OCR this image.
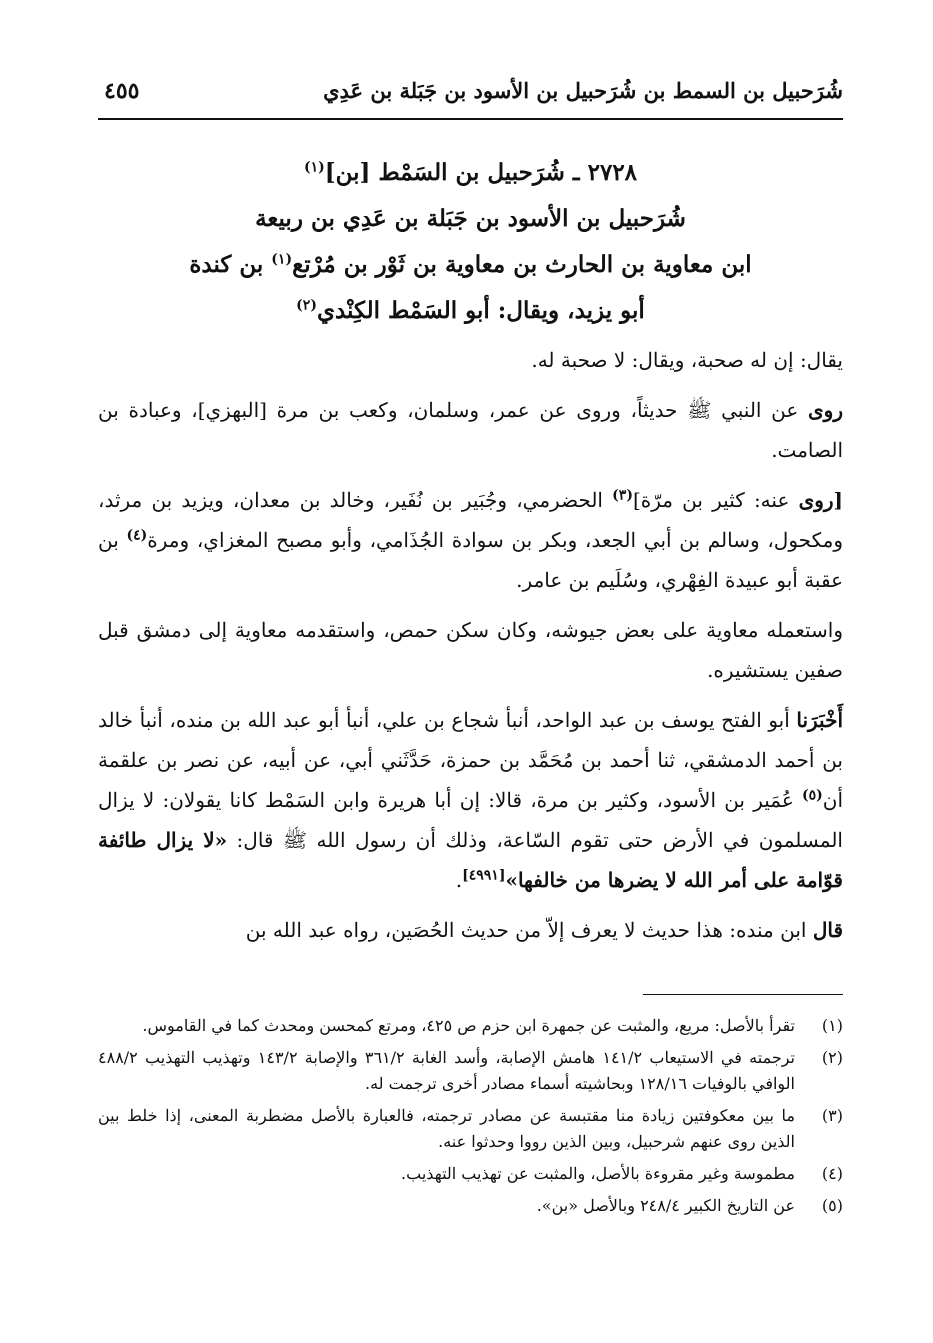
شُرَحبيل بن السمط بن شُرَحبيل بن الأسود بن جَبَلة بن عَدِي
٤٥٥
٢٧٢٨ ـ شُرَحبيل بن السَمْط [بن]$^{(١)}$
شُرَحبيل بن الأسود بن جَبَلة بن عَدِي بن ربيعة
ابن معاوية بن الحارث بن معاوية بن ثَوْر بن مُرْتع$^{(١)}$ بن كندة
أبو يزيد، ويقال: أبو السَمْط الكِنْدي$^{(٢)}$

يقال: إن له صحبة، ويقال: لا صحبة له.

روى عن النبي ﷺ حديثاً، وروى عن عمر، وسلمان، وكعب بن مرة [البهزي]، وعبادة بن الصامت.

[روى عنه: كثير بن مرّة]$^{(٣)}$ الحضرمي، وجُبَير بن نُفَير، وخالد بن معدان، ويزيد بن مرثد، ومكحول، وسالم بن أبي الجعد، وبكر بن سوادة الجُذَامي، وأبو مصبح المغزاي، ومرة$^{(٤)}$ بن عقبة أبو عبيدة الفِهْري، وسُلَيم بن عامر.

واستعمله معاوية على بعض جيوشه، وكان سكن حمص، واستقدمه معاوية إلى دمشق قبل صفين يستشيره.

أَخْبَرَنا أبو الفتح يوسف بن عبد الواحد، أنبأ شجاع بن علي، أنبأ أبو عبد الله بن منده، أنبأ خالد بن أحمد الدمشقي، ثنا أحمد بن مُحَمَّد بن حمزة، حَدَّثَني أبي، عن أبيه، عن نصر بن علقمة أن$^{(٥)}$ عُمَير بن الأسود، وكثير بن مرة، قالا: إن أبا هريرة وابن السَمْط كانا يقولان: لا يزال المسلمون في الأرض حتى تقوم السّاعة، وذلك أن رسول الله ﷺ قال: «لا يزال طائفة قوّامة على أمر الله لا يضرها من خالفها»[٤٩٩١].

قال ابن منده: هذا حديث لا يعرف إلاّ من حديث الحُصَين، رواه عبد الله بن

(١)
تقرأ بالأصل: مريع، والمثبت عن جمهرة ابن حزم ص ٤٢٥، ومرتع كمحسن ومحدث كما في القاموس.
(٢)
ترجمته في الاستيعاب ١٤١/٢ هامش الإصابة، وأسد الغابة ٣٦١/٢ والإصابة ١٤٣/٢ وتهذيب التهذيب ٤٨٨/٢ الوافي بالوفيات ١٢٨/١٦ وبحاشيته أسماء مصادر أخرى ترجمت له.
(٣)
ما بين معكوفتين زيادة منا مقتبسة عن مصادر ترجمته، فالعبارة بالأصل مضطربة المعنى، إذا خلط بين الذين روى عنهم شرحبيل، وبين الذين رووا وحدثوا عنه.
(٤)
مطموسة وغير مقروءة بالأصل، والمثبت عن تهذيب التهذيب.
(٥)
عن التاريخ الكبير ٢٤٨/٤ وبالأصل «بن».
